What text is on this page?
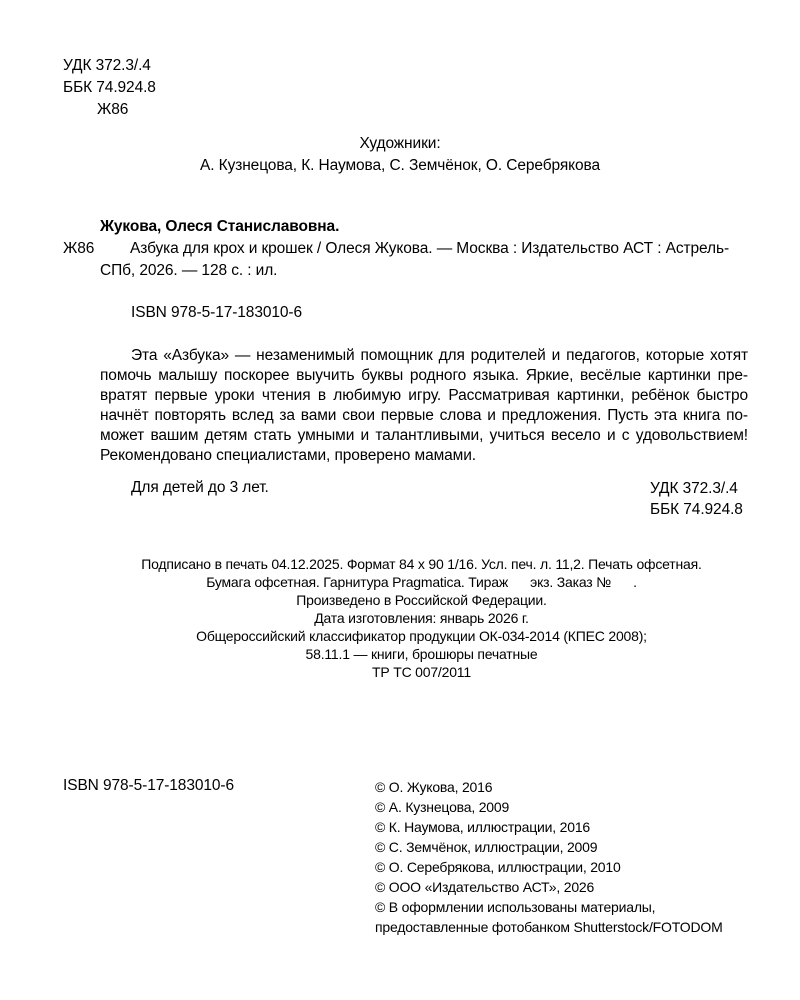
УДК 372.3/.4
ББК 74.924.8
Ж86
Художники:
А. Кузнецова, К. Наумова, С. Земчёнок, О. Серебрякова
Жукова, Олеся Станиславовна.
Ж86 Азбука для крох и крошек / Олеся Жукова. — Москва : Издательство АСТ : Астрель-
СПб, 2026. — 128 с. : ил.
ISBN 978-5-17-183010-6

Эта «Азбука» — незаменимый помощник для родителей и педагогов, которые хотят

помочь малышу поскорее выучить буквы родного языка. Яркие, весёлые картинки пре-

вратят первые уроки чтения в любимую игру. Рассматривая картинки, ребёнок быстро

начнёт повторять вслед за вами свои первые слова и предложения. Пусть эта книга по-

может вашим детям стать умными и талантливыми, учиться весело и с удовольствием!

Рекомендовано специалистами, проверено мамами.

Для детей до 3 лет.	УДК 372.3/.4
ББК 74.924.8

Подписано в печать 04.12.2025. Формат 84 х 90 1/16. Усл. печ. л. 11,2. Печать офсетная.

Бумага офсетная. Гарнитура Pragmatica. Тираж      экз. Заказ №      .

Произведено в Российской Федерации.

Дата изготовления: январь 2026 г.

Общероссийский классификатор продукции ОК-034-2014 (КПЕС 2008);

58.11.1 — книги, брошюры печатные

ТР ТС 007/2011

ISBN 978-5-17-183010-6	© О. Жукова, 2016

© А. Кузнецова, 2009

© К. Наумова, иллюстрации, 2016

© С. Земчёнок, иллюстрации, 2009

© О. Серебрякова, иллюстрации, 2010

© ООО «Издательство АСТ», 2026

© В оформлении использованы материалы,

предоставленные фотобанком Shutterstock/FOTODOM
